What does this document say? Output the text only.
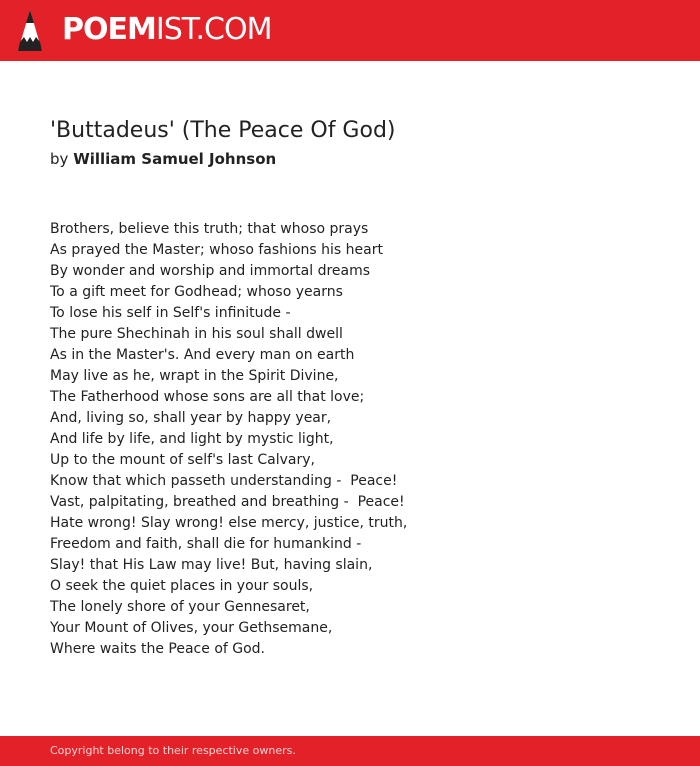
POEMIST.COM
'Buttadeus' (The Peace Of God)
by William Samuel Johnson
Brothers, believe this truth; that whoso prays
As prayed the Master; whoso fashions his heart
By wonder and worship and immortal dreams
To a gift meet for Godhead; whoso yearns
To lose his self in Self's infinitude -
The pure Shechinah in his soul shall dwell
As in the Master's. And every man on earth
May live as he, wrapt in the Spirit Divine,
The Fatherhood whose sons are all that love;
And, living so, shall year by happy year,
And life by life, and light by mystic light,
Up to the mount of self's last Calvary,
Know that which passeth understanding -  Peace!
Vast, palpitating, breathed and breathing -  Peace!
Hate wrong! Slay wrong! else mercy, justice, truth,
Freedom and faith, shall die for humankind -
Slay! that His Law may live! But, having slain,
O seek the quiet places in your souls,
The lonely shore of your Gennesaret,
Your Mount of Olives, your Gethsemane,
Where waits the Peace of God.
Copyright belong to their respective owners.
